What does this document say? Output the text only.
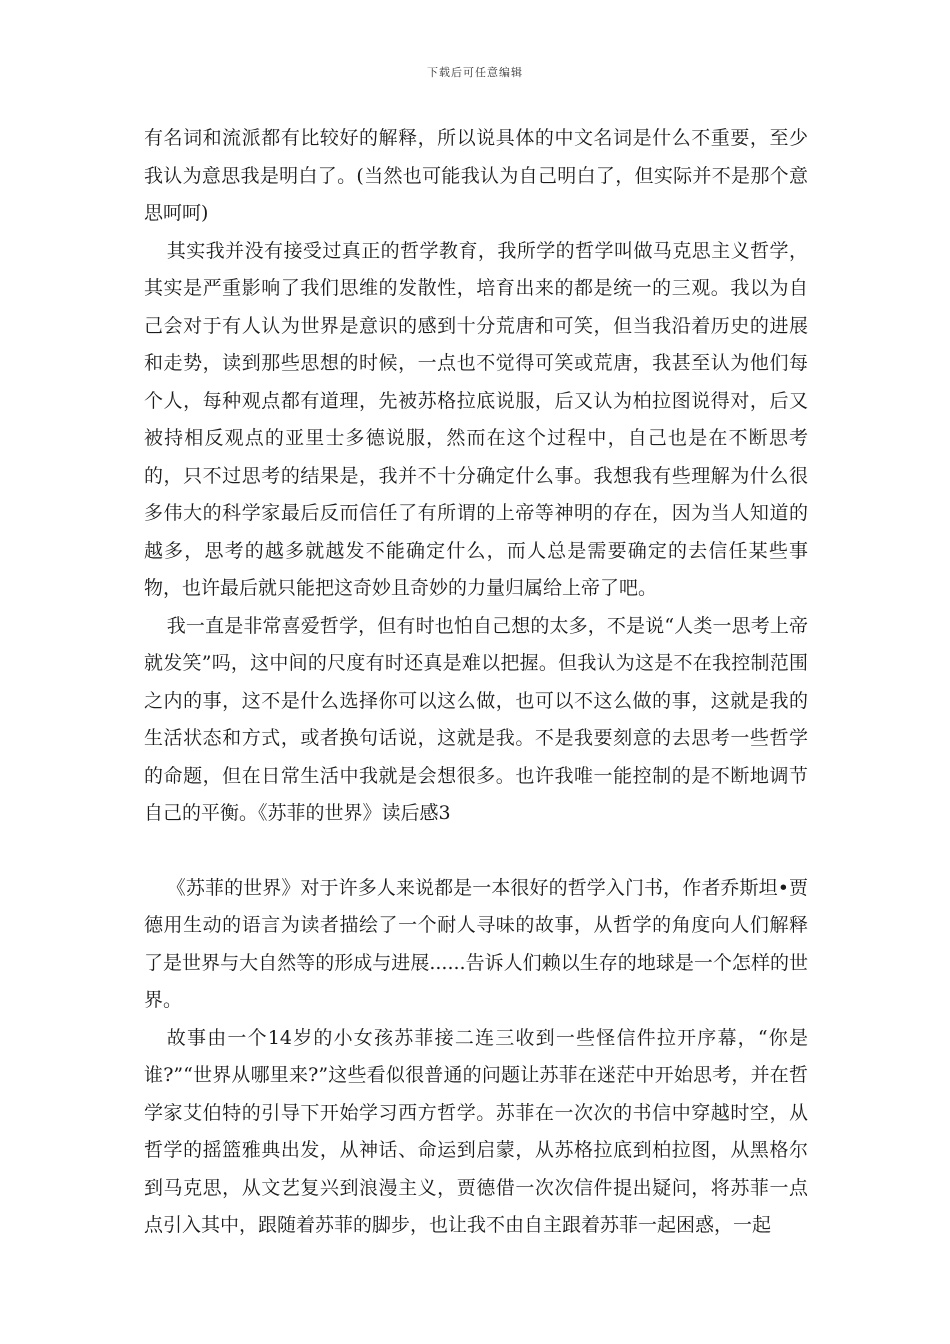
下载后可任意编辑

有名词和流派都有比较好的解释，所以说具体的中文名词是什么不重要，至少我认为意思我是明白了。(当然也可能我认为自己明白了，但实际并不是那个意思呵呵)

其实我并没有接受过真正的哲学教育，我所学的哲学叫做马克思主义哲学，其实是严重影响了我们思维的发散性，培育出来的都是统一的三观。我以为自己会对于有人认为世界是意识的感到十分荒唐和可笑，但当我沿着历史的进展和走势，读到那些思想的时候，一点也不觉得可笑或荒唐，我甚至认为他们每个人，每种观点都有道理，先被苏格拉底说服，后又认为柏拉图说得对，后又被持相反观点的亚里士多德说服，然而在这个过程中，自己也是在不断思考的，只不过思考的结果是，我并不十分确定什么事。我想我有些理解为什么很多伟大的科学家最后反而信任了有所谓的上帝等神明的存在，因为当人知道的越多，思考的越多就越发不能确定什么，而人总是需要确定的去信任某些事物，也许最后就只能把这奇妙且奇妙的力量归属给上帝了吧。

我一直是非常喜爱哲学，但有时也怕自己想的太多，不是说“人类一思考上帝就发笑”吗，这中间的尺度有时还真是难以把握。但我认为这是不在我控制范围之内的事，这不是什么选择你可以这么做，也可以不这么做的事，这就是我的生活状态和方式，或者换句话说，这就是我。不是我要刻意的去思考一些哲学的命题，但在日常生活中我就是会想很多。也许我唯一能控制的是不断地调节自己的平衡。《苏菲的世界》读后感3

《苏菲的世界》对于许多人来说都是一本很好的哲学入门书，作者乔斯坦•贾德用生动的语言为读者描绘了一个耐人寻味的故事，从哲学的角度向人们解释了是世界与大自然等的形成与进展......告诉人们赖以生存的地球是一个怎样的世界。

故事由一个14岁的小女孩苏菲接二连三收到一些怪信件拉开序幕，“你是谁?”“世界从哪里来?”这些看似很普通的问题让苏菲在迷茫中开始思考，并在哲学家艾伯特的引导下开始学习西方哲学。苏菲在一次次的书信中穿越时空，从哲学的摇篮雅典出发，从神话、命运到启蒙，从苏格拉底到柏拉图，从黑格尔到马克思，从文艺复兴到浪漫主义，贾德借一次次信件提出疑问，将苏菲一点点引入其中，跟随着苏菲的脚步，也让我不由自主跟着苏菲一起困惑，一起
